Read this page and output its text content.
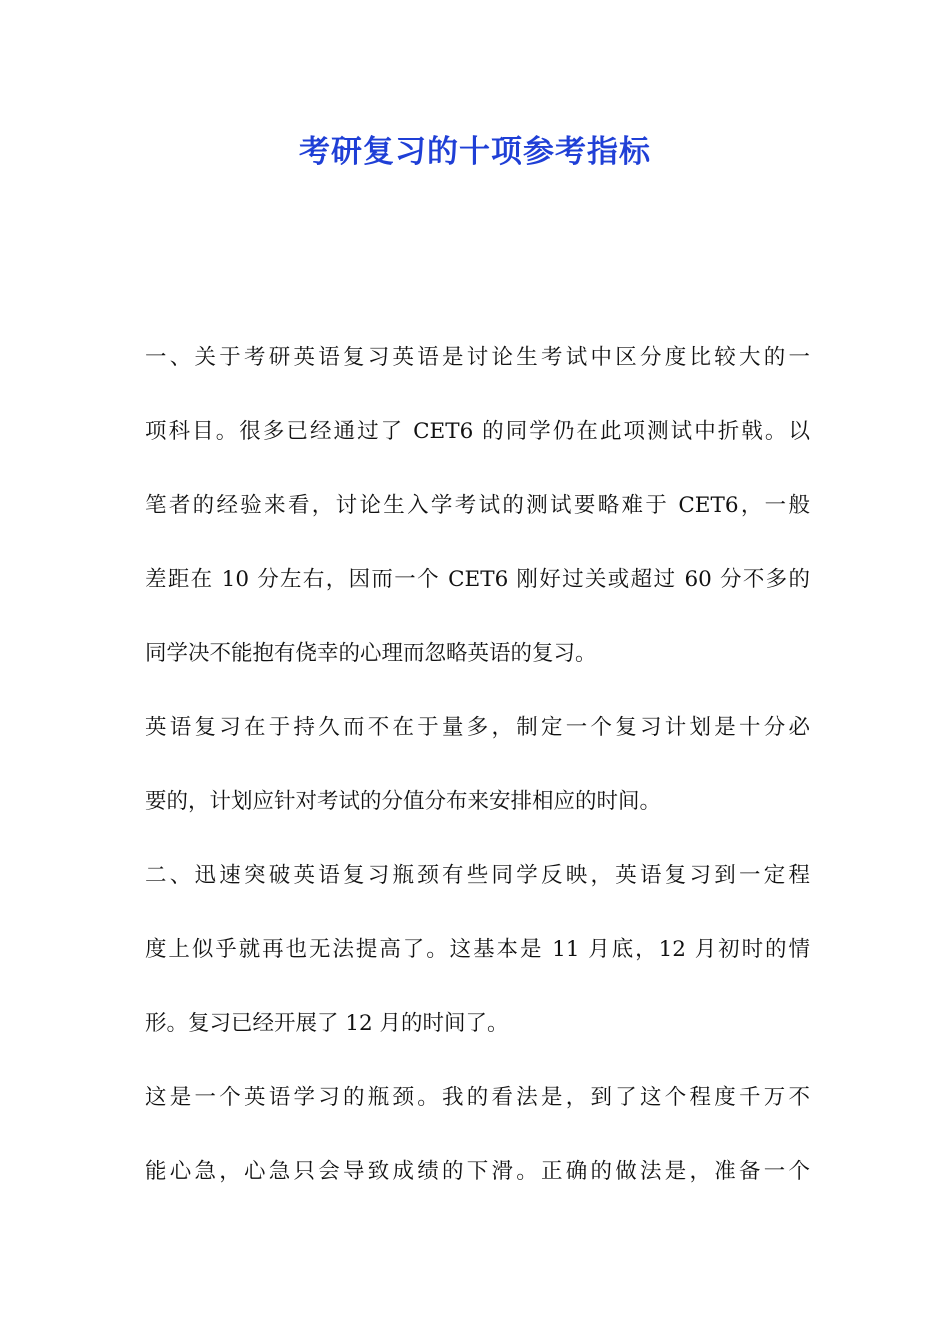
考研复习的十项参考指标
一、关于考研英语复习英语是讨论生考试中区分度比较大的一
项科目。很多已经通过了 CET6 的同学仍在此项测试中折戟。以
笔者的经验来看，讨论生入学考试的测试要略难于 CET6，一般
差距在 10 分左右，因而一个 CET6 刚好过关或超过 60 分不多的
同学决不能抱有侥幸的心理而忽略英语的复习。
英语复习在于持久而不在于量多，制定一个复习计划是十分必
要的，计划应针对考试的分值分布来安排相应的时间。
二、迅速突破英语复习瓶颈有些同学反映，英语复习到一定程
度上似乎就再也无法提高了。这基本是 11 月底，12 月初时的情
形。复习已经开展了 12 月的时间了。
这是一个英语学习的瓶颈。我的看法是，到了这个程度千万不
能心急，心急只会导致成绩的下滑。正确的做法是，准备一个
